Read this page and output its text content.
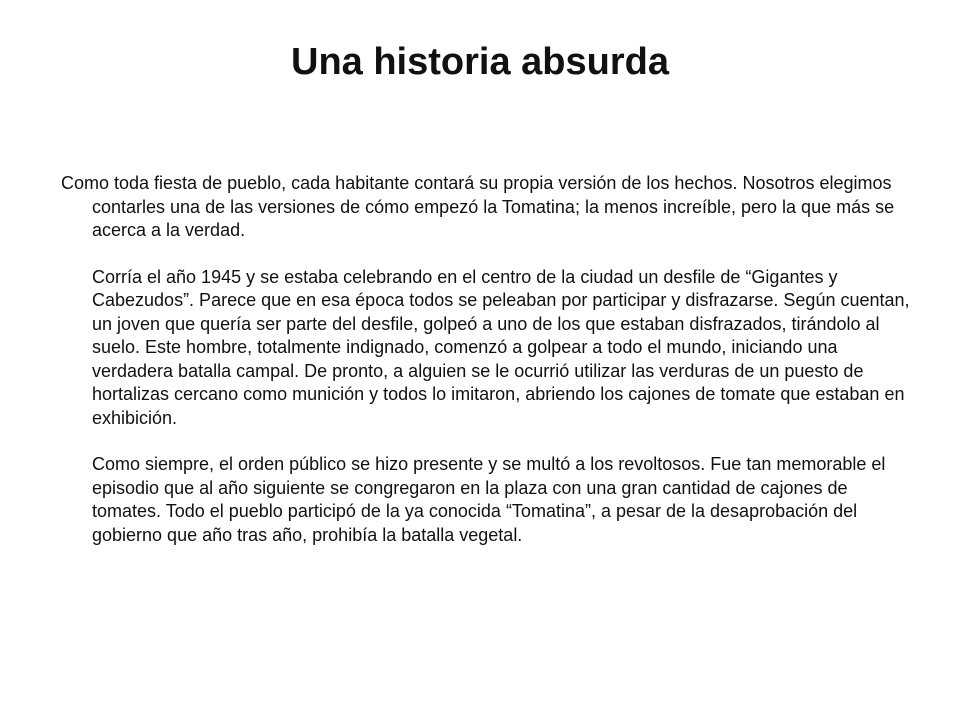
Una historia absurda

Como toda fiesta de pueblo, cada habitante contará su propia versión de los hechos. Nosotros elegimos contarles una de las versiones de cómo empezó la Tomatina; la menos increíble, pero la que más se acerca a la verdad.

Corría el año 1945 y se estaba celebrando en el centro de la ciudad un desfile de “Gigantes y Cabezudos”. Parece que en esa época todos se peleaban por participar y disfrazarse. Según cuentan, un joven que quería ser parte del desfile, golpeó a uno de los que estaban disfrazados, tirándolo al suelo. Este hombre, totalmente indignado, comenzó a golpear a todo el mundo, iniciando una verdadera batalla campal. De pronto, a alguien se le ocurrió utilizar las verduras de un puesto de hortalizas cercano como munición y todos lo imitaron, abriendo los cajones de tomate que estaban en exhibición.

Como siempre, el orden público se hizo presente y se multó a los revoltosos. Fue tan memorable el episodio que al año siguiente se congregaron en la plaza con una gran cantidad de cajones de tomates. Todo el pueblo participó de la ya conocida “Tomatina”, a pesar de la desaprobación del gobierno que año tras año, prohibía la batalla vegetal.
